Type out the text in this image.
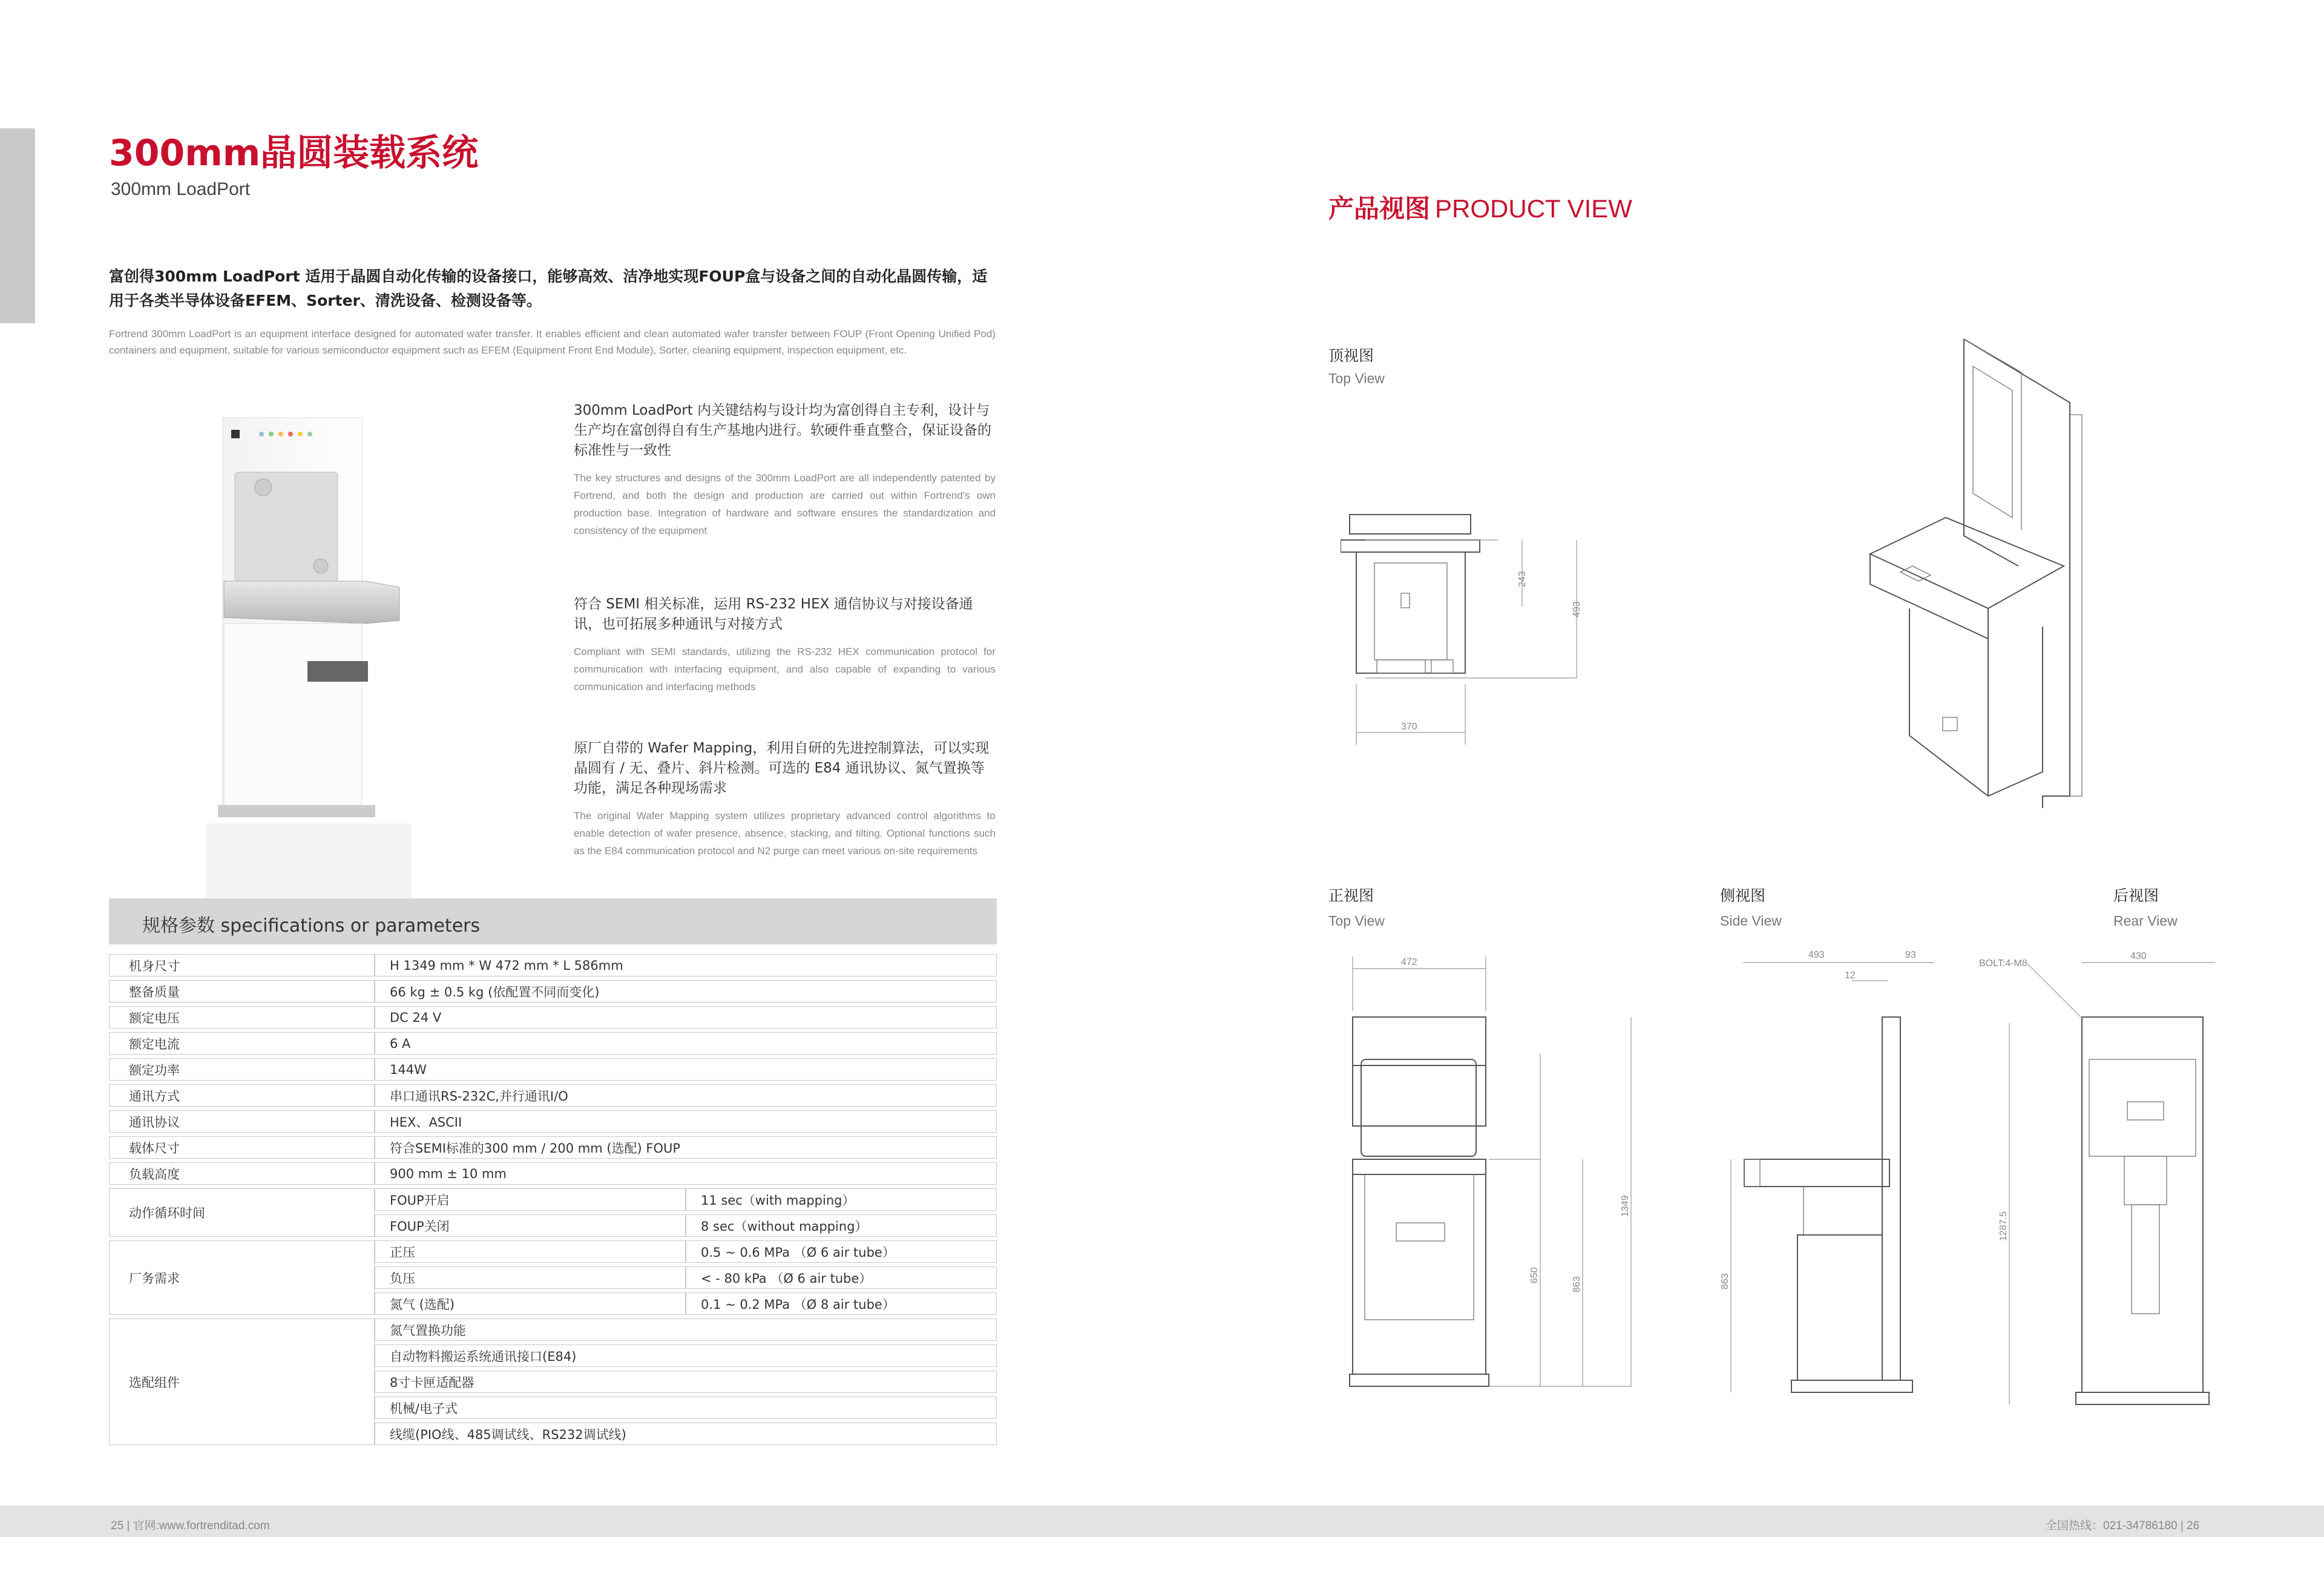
300mm晶圆装载系统
300mm LoadPort
富创得300mm LoadPort 适用于晶圆自动化传输的设备接口，能够高效、洁净地实现FOUP盒与设备之间的自动化晶圆传输，适用于各类半导体设备EFEM、Sorter、清洗设备、检测设备等。
Fortrend 300mm LoadPort is an equipment interface designed for automated wafer transfer. It enables efficient and clean automated wafer transfer between FOUP (Front Opening Unified Pod) containers and equipment, suitable for various semiconductor equipment such as EFEM (Equipment Front End Module), Sorter, cleaning equipment, inspection equipment, etc.
300mm LoadPort 内关键结构与设计均为富创得自主专利，设计与生产均在富创得自有生产基地内进行。软硬件垂直整合，保证设备的标准性与一致性
The key structures and designs of the 300mm LoadPort are all independently patented by Fortrend, and both the design and production are carried out within Fortrend's own production base. Integration of hardware and software ensures the standardization and consistency of the equipment
符合 SEMI 相关标准，运用 RS-232 HEX 通信协议与对接设备通讯，也可拓展多种通讯与对接方式
Compliant with SEMI standards, utilizing the RS-232 HEX communication protocol for communication with interfacing equipment, and also capable of expanding to various communication and interfacing methods
原厂自带的 Wafer Mapping，利用自研的先进控制算法，可以实现晶圆有 / 无、叠片、斜片检测。可选的 E84 通讯协议、氮气置换等功能，满足各种现场需求
The original Wafer Mapping system utilizes proprietary advanced control algorithms to enable detection of wafer presence, absence, stacking, and tilting. Optional functions such as the E84 communication protocol and N2 purge can meet various on-site requirements
规格参数 specifications or parameters
机身尺寸	H 1349 mm * W 472 mm * L 586mm	
整备质量	66 kg ± 0.5 kg (依配置不同而变化)	
额定电压	DC 24 V	
额定电流	6 A	
额定功率	144W	
通讯方式	串口通讯RS-232C,并行通讯I/O	
通讯协议	HEX、ASCII	
载体尺寸	符合SEMI标准的300 mm / 200 mm (选配) FOUP	
负载高度	900 mm ± 10 mm	
动作循环时间	FOUP开启	11 sec（with mapping）
	FOUP关闭	8 sec（without mapping）
厂务需求	正压	0.5 ~ 0.6 MPa （Ø 6 air tube）
	负压	< - 80 kPa （Ø 6 air tube）
	氮气 (选配)	0.1 ~ 0.2 MPa （Ø 8 air tube）
选配组件	氮气置换功能	
	自动物料搬运系统通讯接口(E84)	
	8寸卡匣适配器	
	机械/电子式	
	线缆(PIO线、485调试线、RS232调试线)	
产品视图 PRODUCT VIEW
顶视图
Top View
正视图
Top View
侧视图
Side View
后视图
Rear View
243
493
370
472
650
863
1349
493	93
12
863
BOLT:4-M8
430
1287.5
25 | 官网:www.fortrenditad.com	全国热线：021-34786180 | 26
